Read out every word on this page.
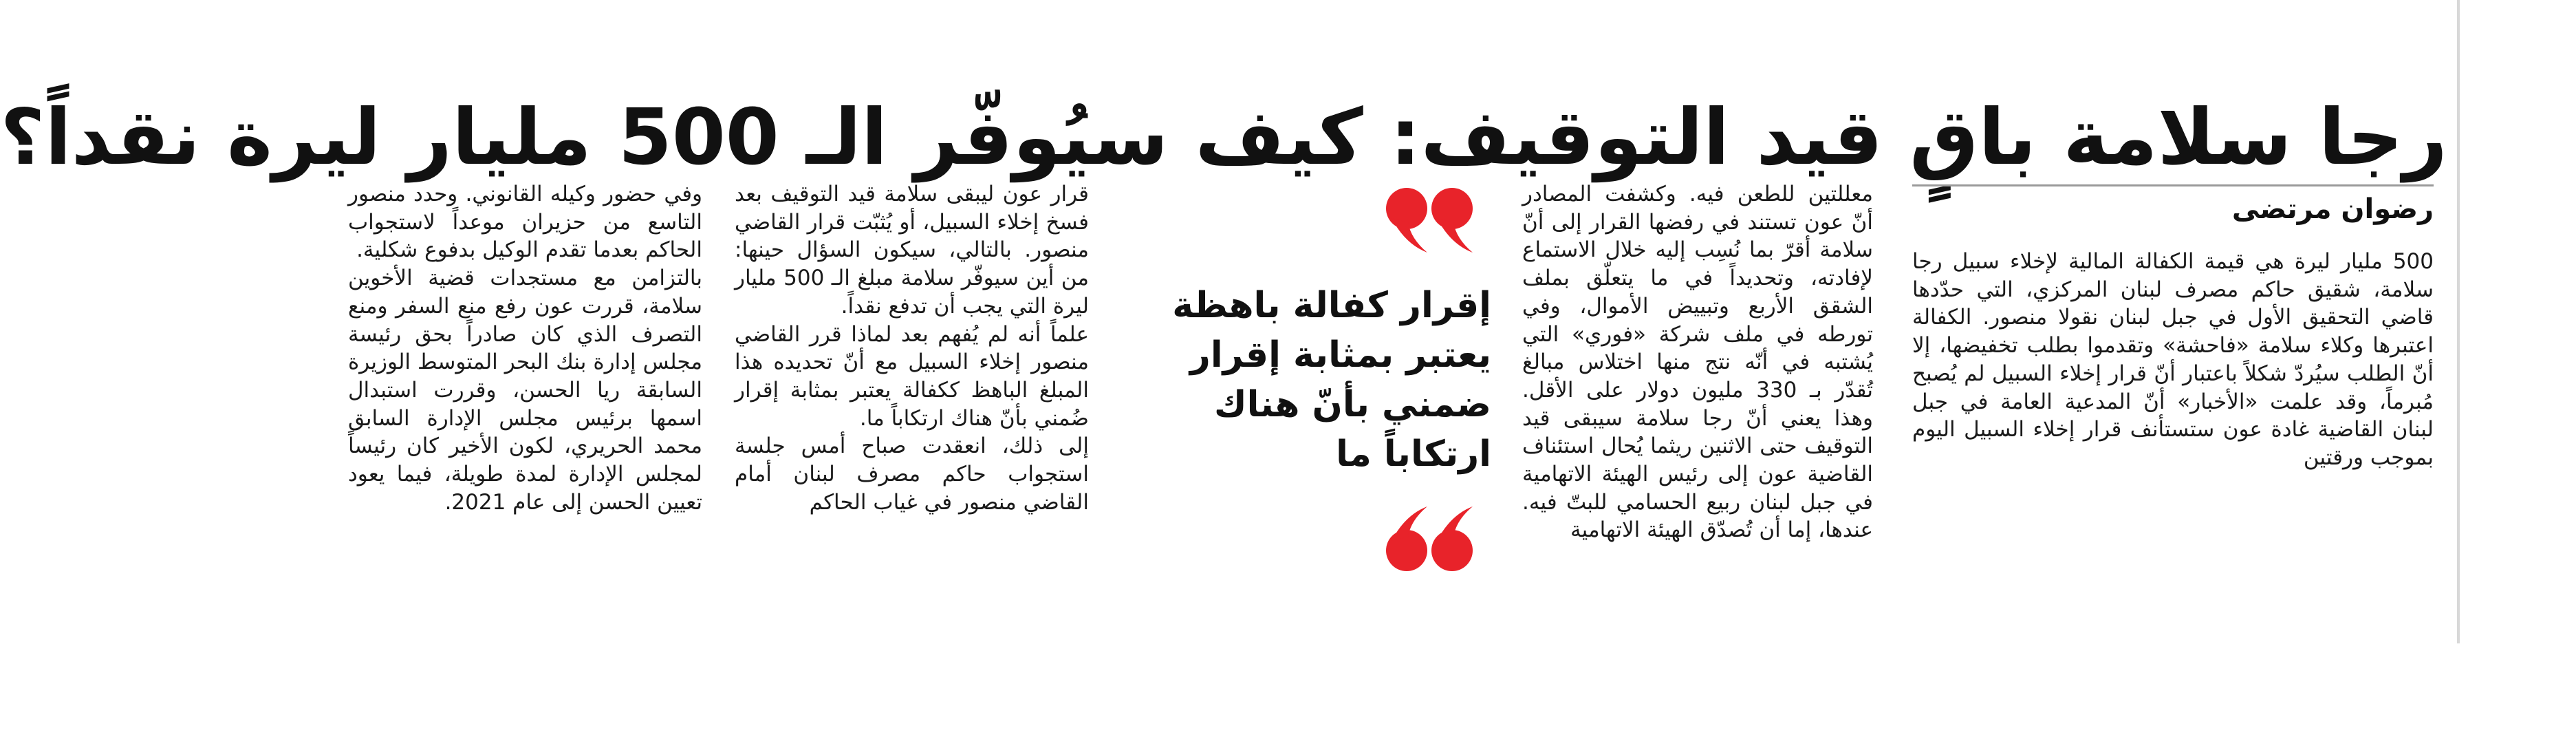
رجا سلامة باقٍ قيد التوقيف: كيف سيُوفّر الـ 500 مليار ليرة نقداً؟
رضوان مرتضى

500 مليار ليرة هي قيمة الكفالة المالية لإخلاء سبيل رجا سلامة، شقيق حاكم مصرف لبنان المركزي، التي حدّدها قاضي التحقيق الأول في جبل لبنان نقولا منصور. الكفالة اعتبرها وكلاء سلامة «فاحشة» وتقدموا بطلب تخفيضها، إلا أنّ الطلب سيُردّ شكلاً باعتبار أنّ قرار إخلاء السبيل لم يُصبح مُبرماً، وقد علمت «الأخبار» أنّ المدعية العامة في جبل لبنان القاضية غادة عون ستستأنف قرار إخلاء السبيل اليوم بموجب ورقتين

معللتين للطعن فيه. وكشفت المصادر أنّ عون تستند في رفضها القرار إلى أنّ سلامة أقرّ بما نُسِب إليه خلال الاستماع لإفادته، وتحديداً في ما يتعلّق بملف الشقق الأربع وتبييض الأموال، وفي تورطه في ملف شركة «فوري» التي يُشتبه في أنّه نتج منها اختلاس مبالغ تُقدّر بـ 330 مليون دولار على الأقل. وهذا يعني أنّ رجا سلامة سيبقى قيد التوقيف حتى الاثنين ريثما يُحال استئناف القاضية عون إلى رئيس الهيئة الاتهامية في جبل لبنان ربيع الحسامي للبتّ فيه. عندها، إما أن تُصدّق الهيئة الاتهامية

إقرار كفالة باهظة يعتبر بمثابة إقرار ضمني بأنّ هناك ارتكاباً ما

قرار عون ليبقى سلامة قيد التوقيف بعد فسخ إخلاء السبيل، أو يُثبّت قرار القاضي منصور. بالتالي، سيكون السؤال حينها: من أين سيوفّر سلامة مبلغ الـ 500 مليار ليرة التي يجب أن تدفع نقداً.

علماً أنه لم يُفهم بعد لماذا قرر القاضي منصور إخلاء السبيل مع أنّ تحديده هذا المبلغ الباهظ ككفالة يعتبر بمثابة إقرار ضُمني بأنّ هناك ارتكاباً ما.

إلى ذلك، انعقدت صباح أمس جلسة استجواب حاكم مصرف لبنان أمام القاضي منصور في غياب الحاكم

وفي حضور وكيله القانوني. وحدد منصور التاسع من حزيران موعداً لاستجواب الحاكم بعدما تقدم الوكيل بدفوع شكلية.

بالتزامن مع مستجدات قضية الأخوين سلامة، قررت عون رفع منع السفر ومنع التصرف الذي كان صادراً بحق رئيسة مجلس إدارة بنك البحر المتوسط الوزيرة السابقة ريا الحسن، وقررت استبدال اسمها برئيس مجلس الإدارة السابق محمد الحريري، لكون الأخير كان رئيساً لمجلس الإدارة لمدة طويلة، فيما يعود تعيين الحسن إلى عام 2021.
